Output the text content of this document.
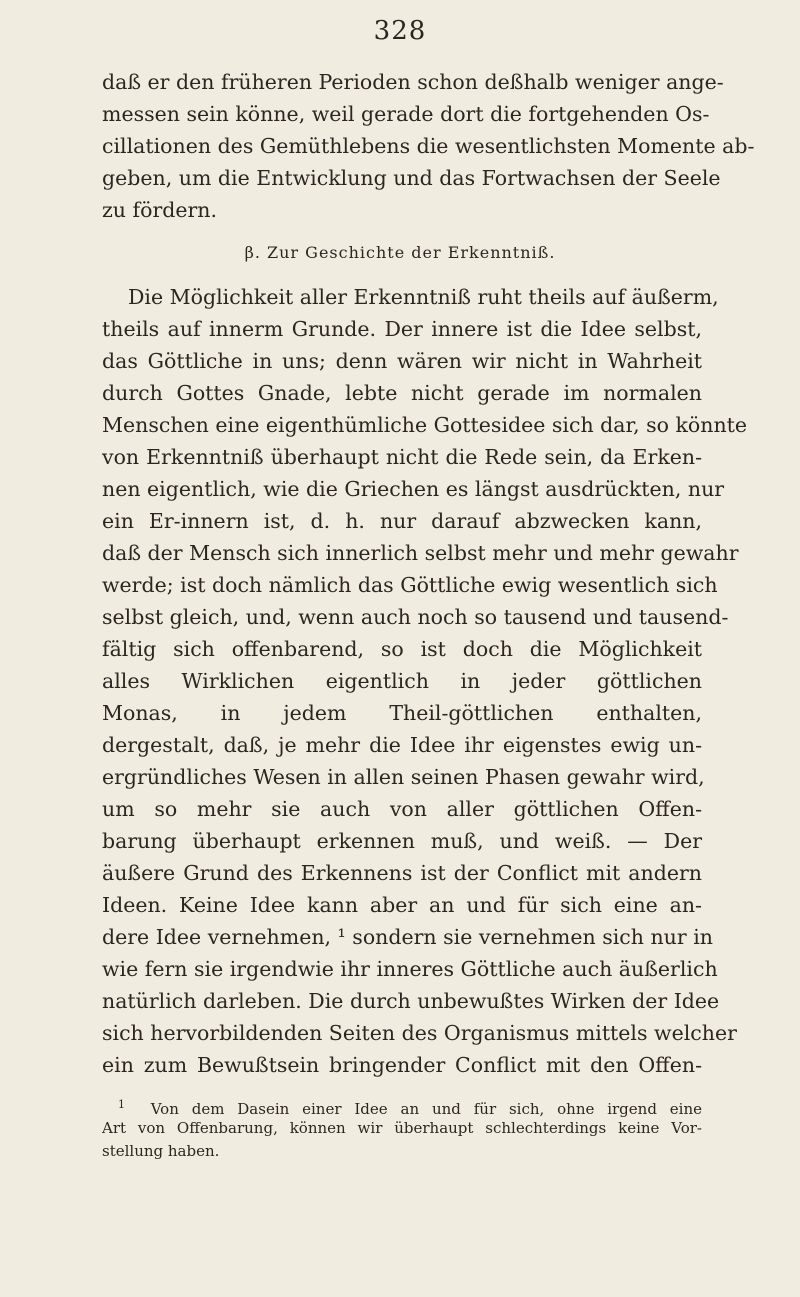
328
daß er den früheren Perioden schon deßhalb weniger ange-
messen sein könne, weil gerade dort die fortgehenden Os-
cillationen des Gemüthlebens die wesentlichsten Momente ab-
geben, um die Entwicklung und das Fortwachsen der Seele
zu fördern.
β. Zur Geschichte der Erkenntniß.
Die Möglichkeit aller Erkenntniß ruht theils auf äußerm,
theils auf innerm Grunde. Der innere ist die Idee selbst,
das Göttliche in uns; denn wären wir nicht in Wahrheit
durch Gottes Gnade, lebte nicht gerade im normalen
Menschen eine eigenthümliche Gottesidee sich dar, so könnte
von Erkenntniß überhaupt nicht die Rede sein, da Erken-
nen eigentlich, wie die Griechen es längst ausdrückten, nur
ein Er-innern ist, d. h. nur darauf abzwecken kann,
daß der Mensch sich innerlich selbst mehr und mehr gewahr
werde; ist doch nämlich das Göttliche ewig wesentlich sich
selbst gleich, und, wenn auch noch so tausend und tausend-
fältig sich offenbarend, so ist doch die Möglichkeit
alles Wirklichen eigentlich in jeder göttlichen
Monas, in jedem Theil-göttlichen enthalten,
dergestalt, daß, je mehr die Idee ihr eigenstes ewig un-
ergründliches Wesen in allen seinen Phasen gewahr wird,
um so mehr sie auch von aller göttlichen Offen-
barung überhaupt erkennen muß, und weiß. — Der
äußere Grund des Erkennens ist der Conflict mit andern
Ideen. Keine Idee kann aber an und für sich eine an-
dere Idee vernehmen, ¹ sondern sie vernehmen sich nur in
wie fern sie irgendwie ihr inneres Göttliche auch äußerlich
natürlich darleben. Die durch unbewußtes Wirken der Idee
sich hervorbildenden Seiten des Organismus mittels welcher
ein zum Bewußtsein bringender Conflict mit den Offen-
$^1$ Von dem Dasein einer Idee an und für sich, ohne irgend eine
Art von Offenbarung, können wir überhaupt schlechterdings keine Vor-
stellung haben.
